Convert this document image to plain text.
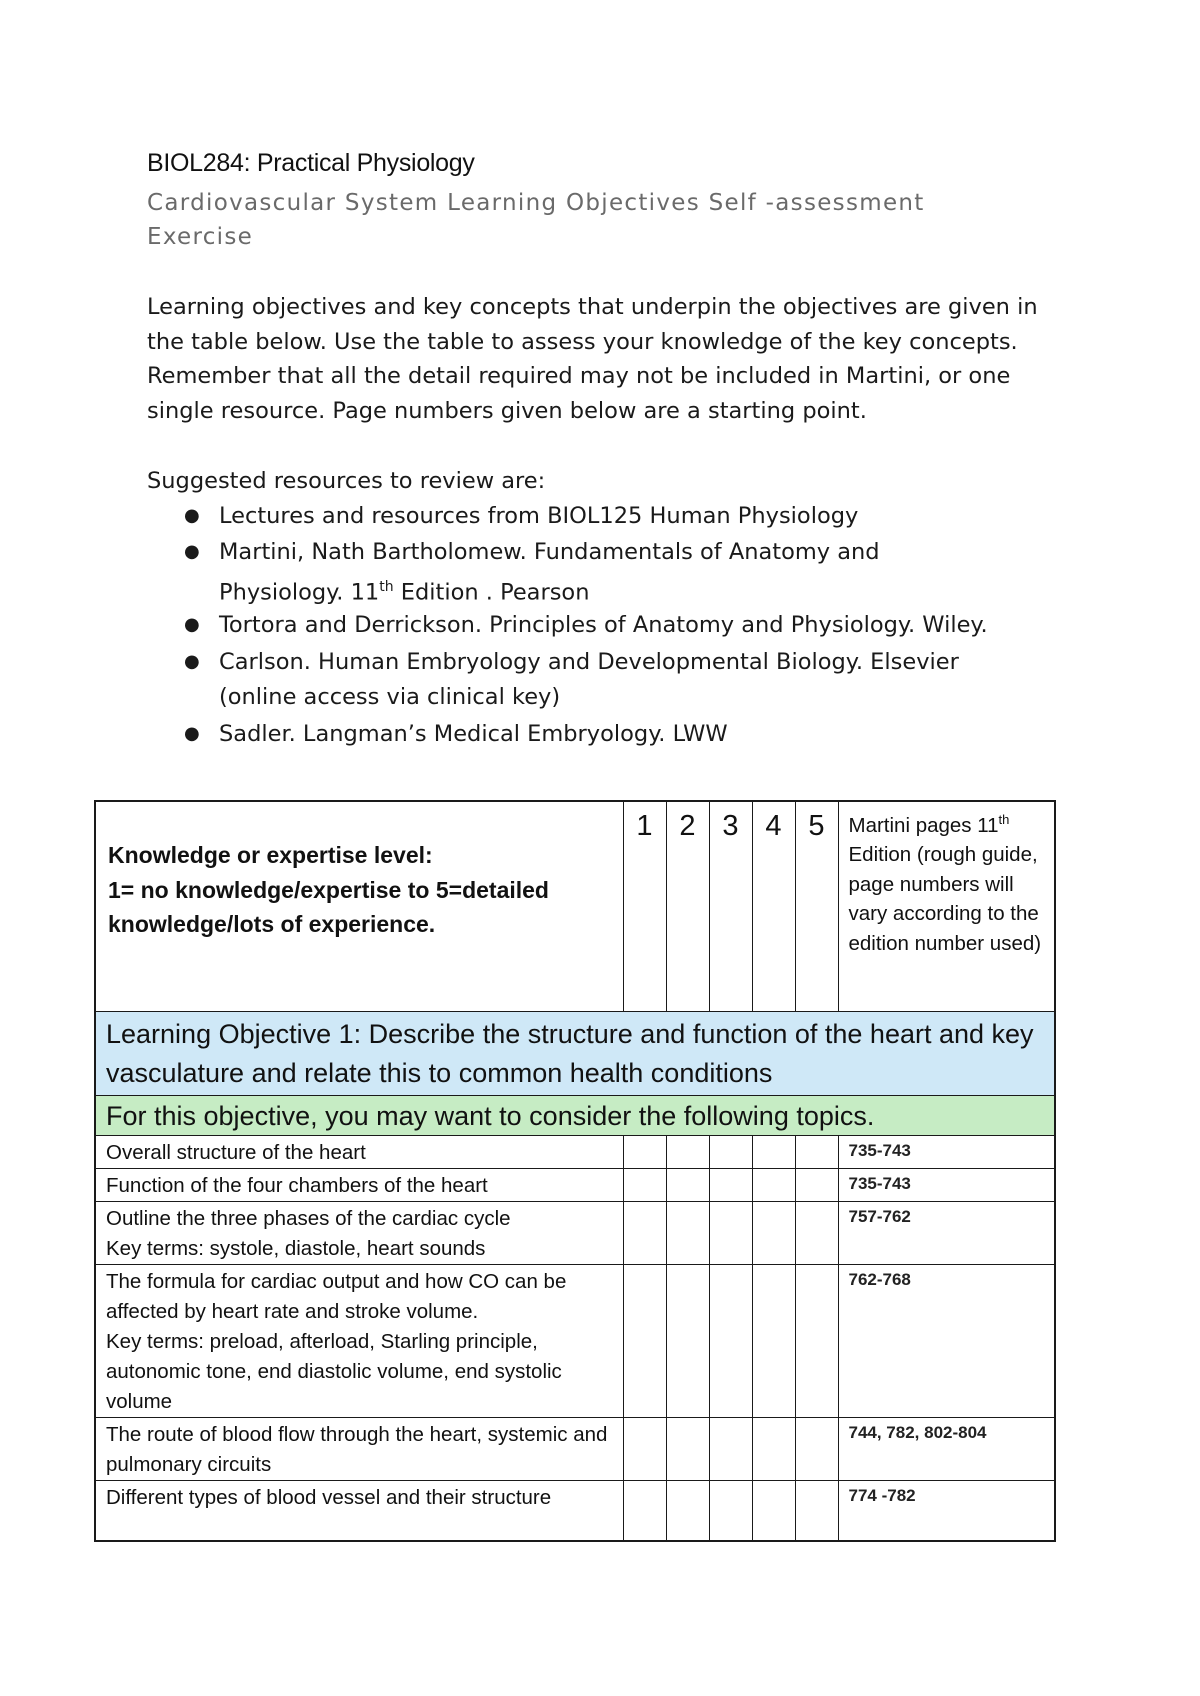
BIOL284: Practical Physiology
Cardiovascular System Learning Objectives Self -assessment Exercise

Learning objectives and key concepts that underpin the objectives are given in the table below. Use the table to assess your knowledge of the key concepts. Remember that all the detail required may not be included in Martini, or one single resource. Page numbers given below are a starting point.

Suggested resources to review are:
● Lectures and resources from BIOL125 Human Physiology
● Martini, Nath Bartholomew. Fundamentals of Anatomy and
Physiology. 11th Edition . Pearson
● Tortora and Derrickson. Principles of Anatomy and Physiology. Wiley.
● Carlson. Human Embryology and Developmental Biology. Elsevier
(online access via clinical key)
● Sadler. Langman’s Medical Embryology. LWW
Knowledge or expertise level:
1= no knowledge/expertise to 5=detailed knowledge/lots of experience.	1	2	3	4	5	Martini pages 11th Edition (rough guide, page numbers will vary according to the edition number used)
Learning Objective 1: Describe the structure and function of the heart and key vasculature and relate this to common health conditions						
For this objective, you may want to consider the following topics.						

Overall structure of the heart						735-743

Function of the four chambers of the heart						735-743

Outline the three phases of the cardiac cycle
Key terms: systole, diastole, heart sounds						757-762

The formula for cardiac output and how CO can be affected by heart rate and stroke volume.
Key terms: preload, afterload, Starling principle, autonomic tone, end diastolic volume, end systolic volume						762-768

The route of blood flow through the heart, systemic and pulmonary circuits						744, 782, 802-804

Different types of blood vessel and their structure						774 -782
